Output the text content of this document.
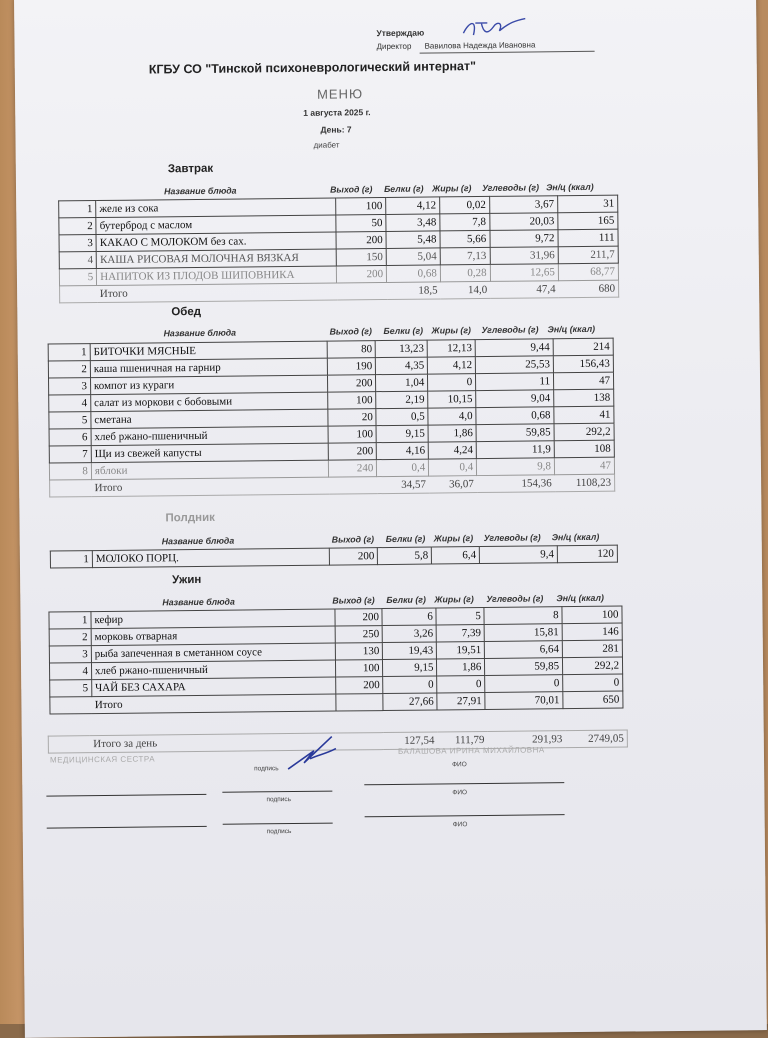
Утверждаю
Директор Вавилова Надежда Ивановна
КГБУ СО "Тинской психоневрологический интернат"
МЕНЮ
1 августа 2025 г.
День: 7
диабет
Завтрак
Название блюда	Выход (г) Белки (г) Жиры (г) Углеводы (г) Эн/ц (ккал)
1	желе из сока	100	4,12	0,02	3,67	31
2	бутерброд с маслом	50	3,48	7,8	20,03	165
3	КАКАО С МОЛОКОМ без сах.	200	5,48	5,66	9,72	111
4	КАША РИСОВАЯ МОЛОЧНАЯ ВЯЗКАЯ	150	5,04	7,13	31,96	211,7
5	НАПИТОК ИЗ ПЛОДОВ ШИПОВНИКА	200	0,68	0,28	12,65	68,77
	Итого		18,5	14,0	47,4	680
Обед
Название блюда	Выход (г) Белки (г) Жиры (г) Углеводы (г) Эн/ц (ккал)
1	БИТОЧКИ МЯСНЫЕ	80	13,23	12,13	9,44	214
2	каша пшеничная на гарнир	190	4,35	4,12	25,53	156,43
3	компот из кураги	200	1,04	0	11	47
4	салат из моркови с бобовыми	100	2,19	10,15	9,04	138
5	сметана	20	0,5	4,0	0,68	41
6	хлеб ржано-пшеничный	100	9,15	1,86	59,85	292,2
7	Щи из свежей капусты	200	4,16	4,24	11,9	108
8	яблоки	240	0,4	0,4	9,8	47
	Итого		34,57	36,07	154,36	1108,23
Полдник
Название блюда	Выход (г) Белки (г) Жиры (г) Углеводы (г) Эн/ц (ккал)
1	МОЛОКО ПОРЦ.	200	5,8	6,4	9,4	120
Ужин
Название блюда	Выход (г) Белки (г) Жиры (г) Углеводы (г) Эн/ц (ккал)
1	кефир	200	6	5	8	100
2	морковь отварная	250	3,26	7,39	15,81	146
3	рыба запеченная в сметанном соусе	130	19,43	19,51	6,64	281
4	хлеб ржано-пшеничный	100	9,15	1,86	59,85	292,2
5	ЧАЙ БЕЗ САХАРА	200	0	0	0	0
	Итого		27,66	27,91	70,01	650
	Итого за день		127,54	111,79	291,93	2749,05
МЕДИЦИНСКАЯ СЕСТРА
БАЛАШОВА ИРИНА МИХАЙЛОВНА
подпись
ФИО
подпись
ФИО
подпись
ФИО
